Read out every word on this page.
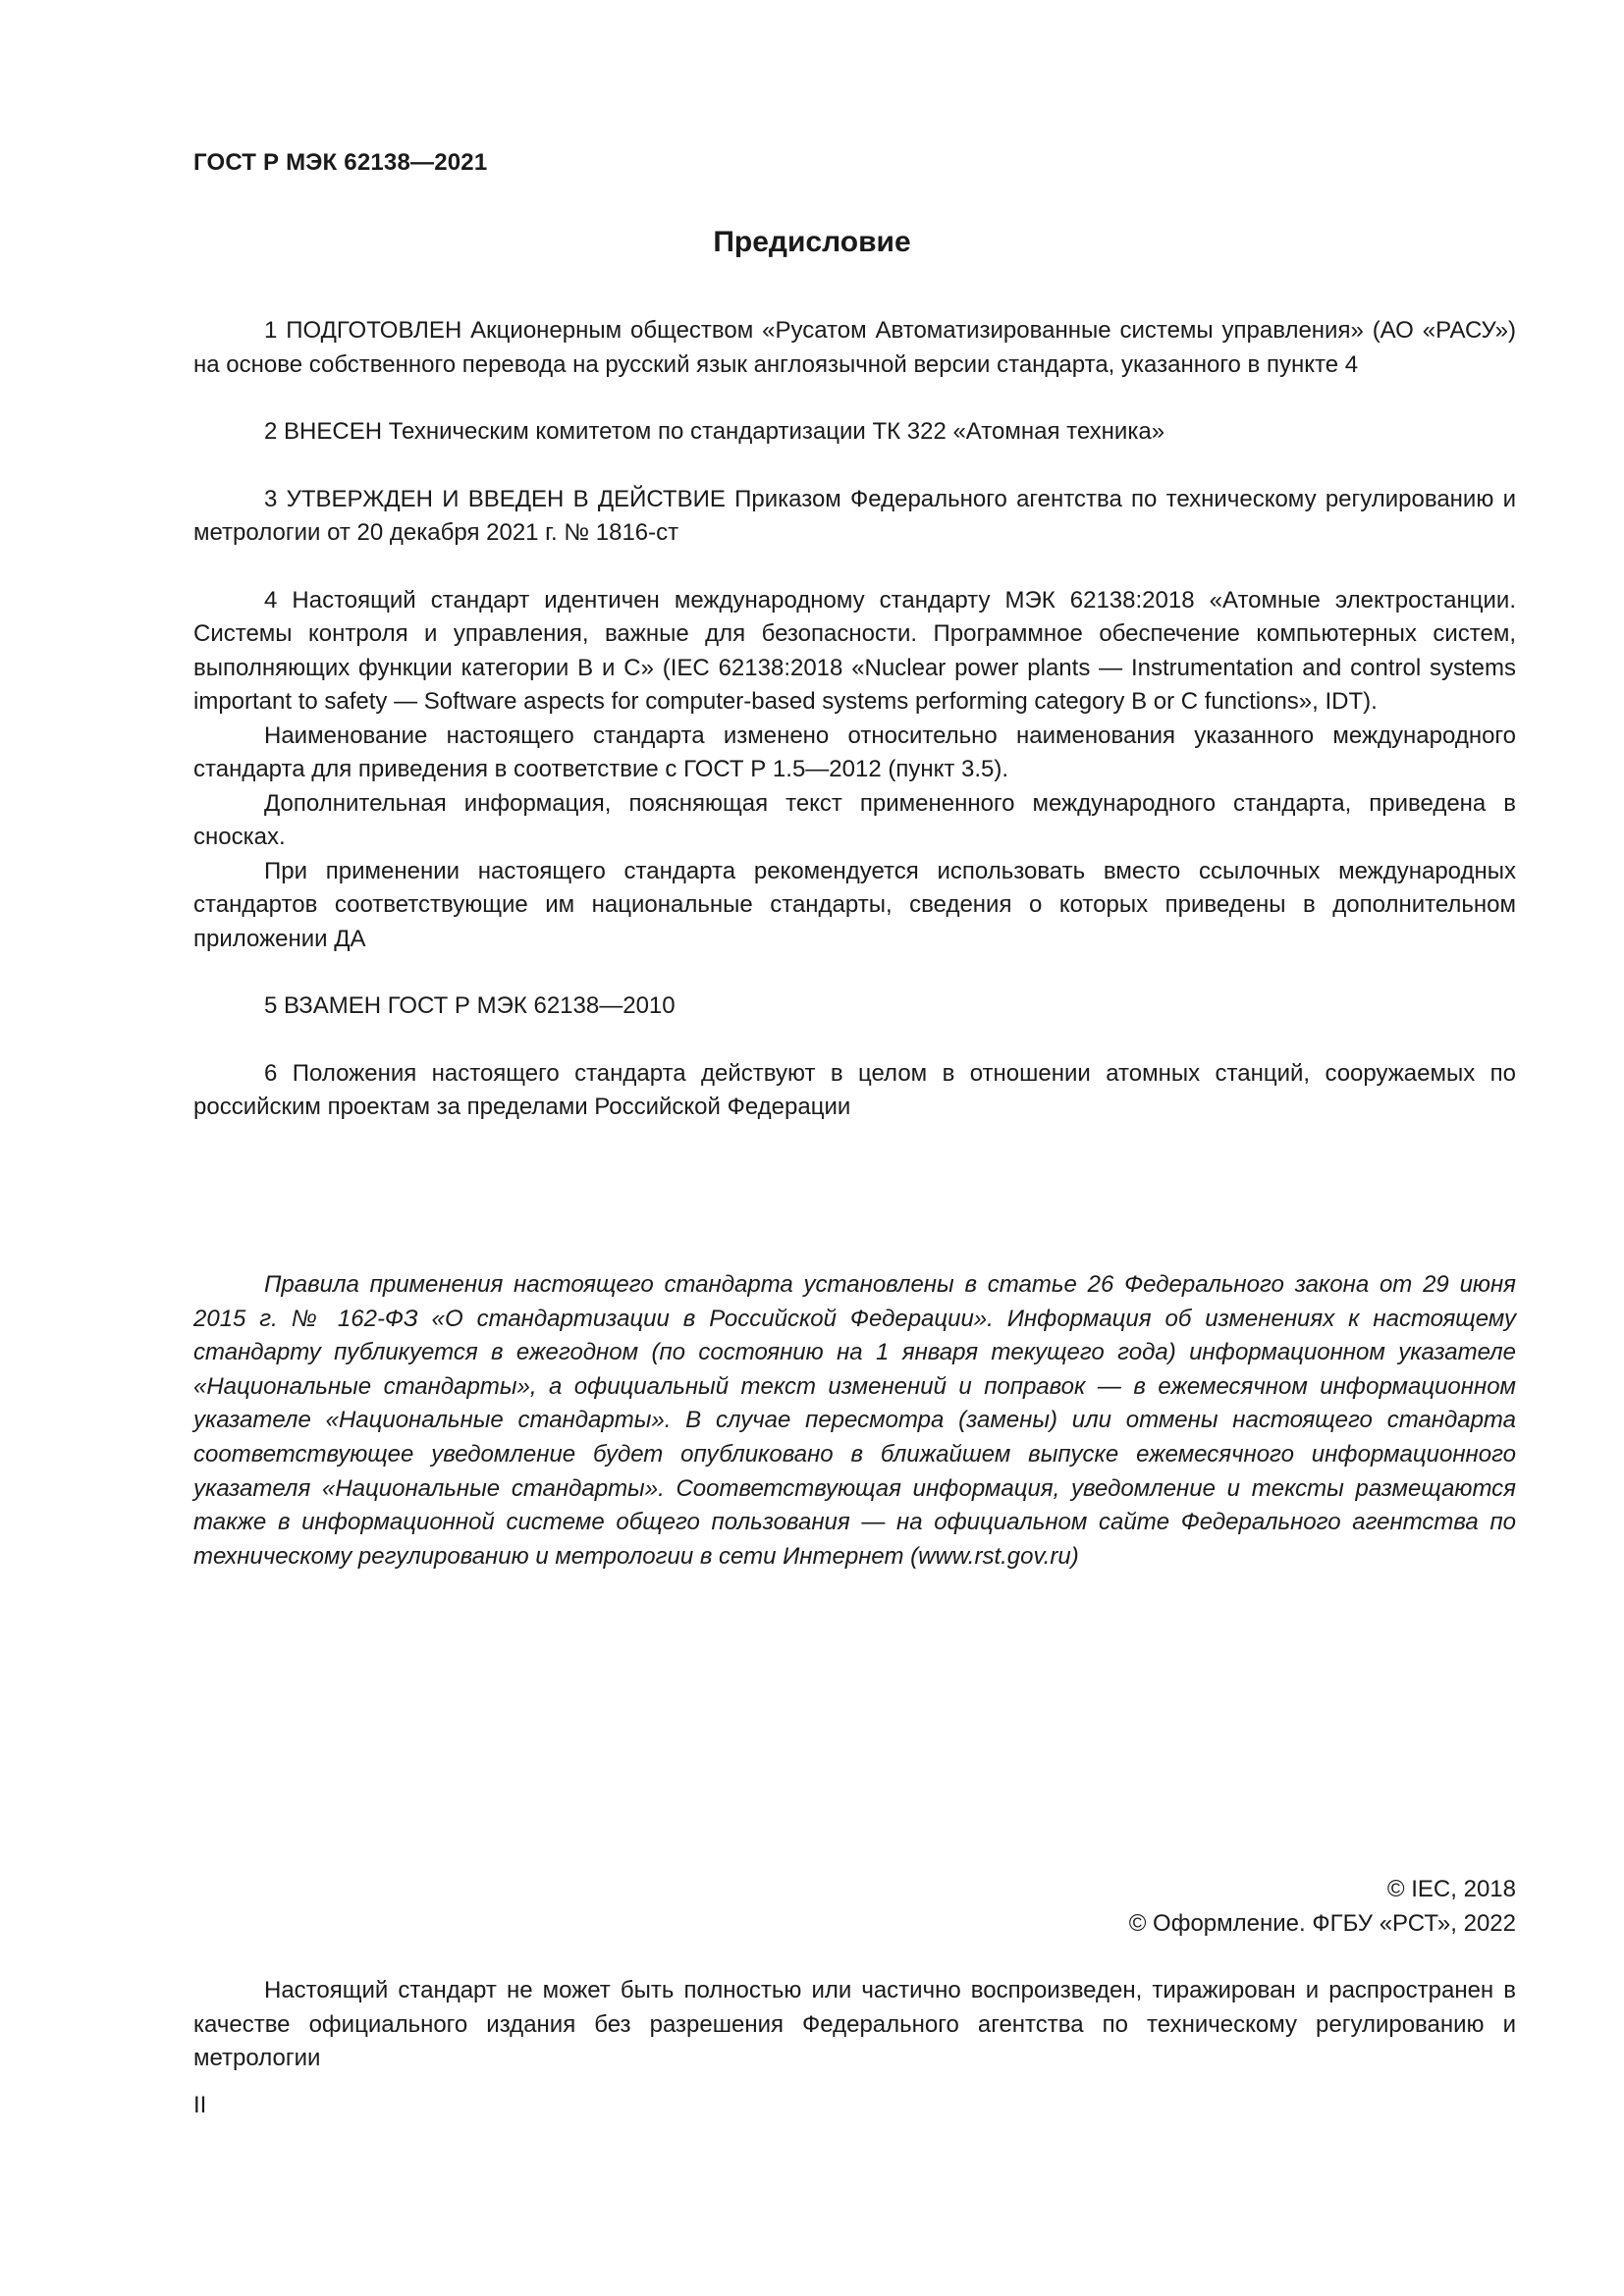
ГОСТ Р МЭК 62138—2021
Предисловие

1 ПОДГОТОВЛЕН Акционерным обществом «Русатом Автоматизированные системы управления» (АО «РАСУ») на основе собственного перевода на русский язык англоязычной версии стандарта, указанного в пункте 4

2 ВНЕСЕН Техническим комитетом по стандартизации ТК 322 «Атомная техника»

3 УТВЕРЖДЕН И ВВЕДЕН В ДЕЙСТВИЕ Приказом Федерального агентства по техническому регулированию и метрологии от 20 декабря 2021 г. № 1816-ст

4 Настоящий стандарт идентичен международному стандарту МЭК 62138:2018 «Атомные электростанции. Системы контроля и управления, важные для безопасности. Программное обеспечение компьютерных систем, выполняющих функции категории В и С» (IEC 62138:2018 «Nuclear power plants — Instrumentation and control systems important to safety — Software aspects for computer-based systems performing category B or C functions», IDT).

Наименование настоящего стандарта изменено относительно наименования указанного международного стандарта для приведения в соответствие с ГОСТ Р 1.5—2012 (пункт 3.5).

Дополнительная информация, поясняющая текст примененного международного стандарта, приведена в сносках.

При применении настоящего стандарта рекомендуется использовать вместо ссылочных международных стандартов соответствующие им национальные стандарты, сведения о которых приведены в дополнительном приложении ДА

5 ВЗАМЕН ГОСТ Р МЭК 62138—2010

6 Положения настоящего стандарта действуют в целом в отношении атомных станций, сооружаемых по российским проектам за пределами Российской Федерации

Правила применения настоящего стандарта установлены в статье 26 Федерального закона от 29 июня 2015 г. № 162-ФЗ «О стандартизации в Российской Федерации». Информация об изменениях к настоящему стандарту публикуется в ежегодном (по состоянию на 1 января текущего года) информационном указателе «Национальные стандарты», а официальный текст изменений и поправок — в ежемесячном информационном указателе «Национальные стандарты». В случае пересмотра (замены) или отмены настоящего стандарта соответствующее уведомление будет опубликовано в ближайшем выпуске ежемесячного информационного указателя «Национальные стандарты». Соответствующая информация, уведомление и тексты размещаются также в информационной системе общего пользования — на официальном сайте Федерального агентства по техническому регулированию и метрологии в сети Интернет (www.rst.gov.ru)

© IEC, 2018
© Оформление. ФГБУ «РСТ», 2022

Настоящий стандарт не может быть полностью или частично воспроизведен, тиражирован и распространен в качестве официального издания без разрешения Федерального агентства по техническому регулированию и метрологии

II
